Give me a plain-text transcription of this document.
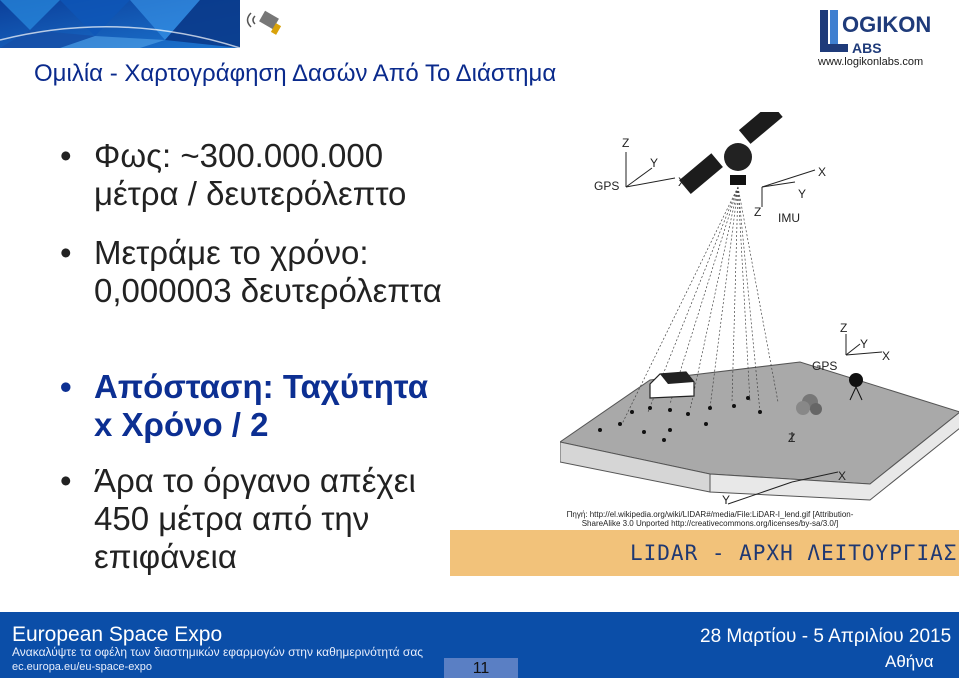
Ομιλία - Χαρτογράφηση Δασών Από Το Διάστημα
OGIKON
ABS
www.logikonlabs.com
• Φως: ~300.000.000 μέτρα / δευτερόλεπτο
• Μετράμε το χρόνο: 0,000003 δευτερόλεπτα
• Απόσταση: Ταχύτητα x Χρόνο / 2
• Άρα το όργανο απέχει 450 μέτρα από την επιφάνεια
GPS
Z
Y
X
Z
Y
X
IMU
Z
Y
X
GPS
Z
X
Y
Πηγή: http://el.wikipedia.org/wiki/LIDAR#/media/File:LiDAR-I_lend.gif [Attribution-ShareAlike 3.0 Unported http://creativecommons.org/licenses/by-sa/3.0/]
LIDAR - ΑΡΧΗ ΛΕΙΤΟΥΡΓΙΑΣ
European Space Expo
Ανακαλύψτε τα οφέλη των διαστημικών εφαρμογών στην καθημερινότητά σας
ec.europa.eu/eu-space-expo
28 Μαρτίου - 5 Απριλίου 2015
Αθήνα
11
